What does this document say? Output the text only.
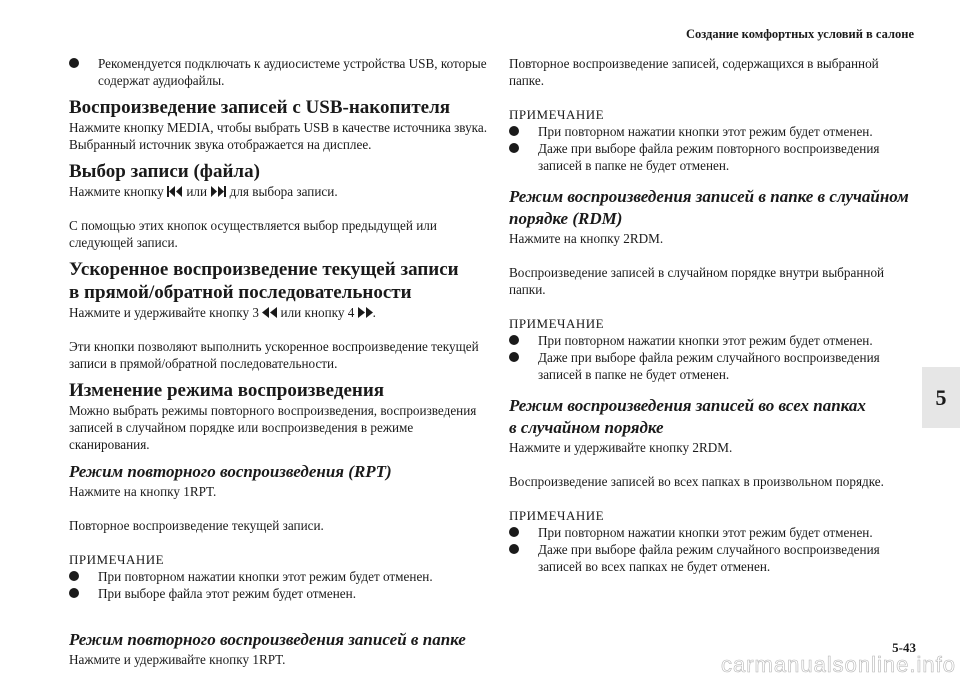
Создание комфортных условий в салоне
Рекомендуется подключать к аудиосистеме устройства USB, которые содержат аудиофайлы.
Воспроизведение записей с USB-накопителя

Нажмите кнопку MEDIA, чтобы выбрать USB в качестве источника звука. Выбранный источник звука отображается на дисплее.

Выбор записи (файла)

Нажмите кнопку или для выбора записи.

С помощью этих кнопок осуществляется выбор предыдущей или следующей записи.

Ускоренное воспроизведение текущей записи
в прямой/обратной последовательности

Нажмите и удерживайте кнопку 3 или кнопку 4 .

Эти кнопки позволяют выполнить ускоренное воспроизведение текущей записи в прямой/обратной последовательности.

Изменение режима воспроизведения

Можно выбрать режимы повторного воспроизведения, воспроизведения записей в случайном порядке или воспроизведения в режиме сканирования.

Режим повторного воспроизведения (RPT)

Нажмите на кнопку 1RPT.

Повторное воспроизведение текущей записи.

ПРИМЕЧАНИЕ
При повторном нажатии кнопки этот режим будет отменен.
При выборе файла этот режим будет отменен.
Режим повторного воспроизведения записей в папке

Нажмите и удерживайте кнопку 1RPT.

Повторное воспроизведение записей, содержащихся в выбранной папке.

ПРИМЕЧАНИЕ
При повторном нажатии кнопки этот режим будет отменен.
Даже при выборе файла режим повторного воспроизведения записей в папке не будет отменен.
Режим воспроизведения записей в папке в случайном
порядке (RDM)

Нажмите на кнопку 2RDM.

Воспроизведение записей в случайном порядке внутри выбранной папки.

ПРИМЕЧАНИЕ
При повторном нажатии кнопки этот режим будет отменен.
Даже при выборе файла режим случайного воспроизведения записей в папке не будет отменен.
Режим воспроизведения записей во всех папках
в случайном порядке

Нажмите и удерживайте кнопку 2RDM.

Воспроизведение записей во всех папках в произвольном порядке.

ПРИМЕЧАНИЕ
При повторном нажатии кнопки этот режим будет отменен.
Даже при выборе файла режим случайного воспроизведения записей во всех папках не будет отменен.
5
5-43
carmanualsonline.info
